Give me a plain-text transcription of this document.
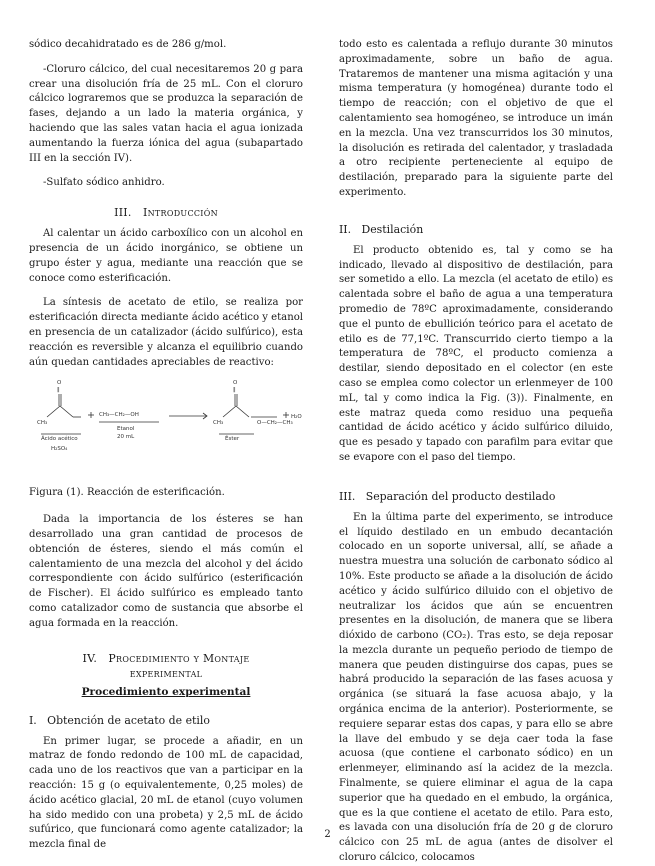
sódico decahidratado es de 286 g/mol.

-Cloruro cálcico, del cual necesitaremos 20 g para crear una disolución fría de 25 mL. Con el cloruro cálcico lograremos que se produzca la separación de fases, dejando a un lado la materia orgánica, y haciendo que las sales vatan hacia el agua ionizada aumentando la fuerza iónica del agua (subapartado III en la sección IV).

-Sulfato sódico anhidro.

III. Introducción

Al calentar un ácido carboxílico con un alcohol en presencia de un ácido inorgánico, se obtiene un grupo éster y agua, mediante una reacción que se conoce como esterificación.

La síntesis de acetato de etilo, se realiza por esterificación directa mediante ácido acético y etanol en presencia de un catalizador (ácido sulfúrico), esta reacción es reversible y alcanza el equilibrio cuando aún quedan cantidades apreciables de reactivo:

O
‖
O
‖
CH₃	CH₃
CH₃—CH₂—OH
Ácido acético
H₂SO₄
Etanol
20 mL	Éster
O—CH₂—CH₃
H₂O

Figura (1). Reacción de esterificación.

Dada la importancia de los ésteres se han desarrollado una gran cantidad de procesos de obtención de ésteres, siendo el más común el calentamiento de una mezcla del alcohol y del ácido correspondiente con ácido sulfúrico (esterificación de Fischer). El ácido sulfúrico es empleado tanto como catalizador como de sustancia que absorbe el agua formada en la reacción.

IV. Procedimiento y Montaje
experimental
Procedimiento experimental
I. Obtención de acetato de etilo

En primer lugar, se procede a añadir, en un matraz de fondo redondo de 100 mL de capacidad, cada uno de los reactivos que van a participar en la reacción: 15 g (o equivalentemente, 0,25 moles) de ácido acético glacial, 20 mL de etanol (cuyo volumen ha sido medido con una probeta) y 2,5 mL de ácido sufúrico, que funcionará como agente catalizador; la mezcla final de

todo esto es calentada a reflujo durante 30 minutos aproximadamente, sobre un baño de agua. Trataremos de mantener una misma agitación y una misma temperatura (y homogénea) durante todo el tiempo de reacción; con el objetivo de que el calentamiento sea homogéneo, se introduce un imán en la mezcla. Una vez transcurridos los 30 minutos, la disolución es retirada del calentador, y trasladada a otro recipiente perteneciente al equipo de destilación, preparado para la siguiente parte del experimento.

II. Destilación

El producto obtenido es, tal y como se ha indicado, llevado al dispositivo de destilación, para ser sometido a ello. La mezcla (el acetato de etilo) es calentada sobre el baño de agua a una temperatura promedio de 78ºC aproximadamente, considerando que el punto de ebullición teórico para el acetato de etilo es de 77,1ºC. Transcurrido cierto tiempo a la temperatura de 78ºC, el producto comienza a destilar, siendo depositado en el colector (en este caso se emplea como colector un erlenmeyer de 100 mL, tal y como indica la Fig. (3)). Finalmente, en este matraz queda como residuo una pequeña cantidad de ácido acético y ácido sulfúrico diluido, que es pesado y tapado con parafilm para evitar que se evapore con el paso del tiempo.

III. Separación del producto destilado

En la última parte del experimento, se introduce el líquido destilado en un embudo decantación colocado en un soporte universal, allí, se añade a nuestra muestra una solución de carbonato sódico al 10%. Este producto se añade a la disolución de ácido acético y ácido sulfúrico diluido con el objetivo de neutralizar los ácidos que aún se encuentren presentes en la disolución, de manera que se libera dióxido de carbono (CO₂). Tras esto, se deja reposar la mezcla durante un pequeño periodo de tiempo de manera que peuden distinguirse dos capas, pues se habrá producido la separación de las fases acuosa y orgánica (se situará la fase acuosa abajo, y la orgánica encima de la anterior). Posteriormente, se requiere separar estas dos capas, y para ello se abre la llave del embudo y se deja caer toda la fase acuosa (que contiene el carbonato sódico) en un erlenmeyer, eliminando así la acidez de la mezcla. Finalmente, se quiere eliminar el agua de la capa superior que ha quedado en el embudo, la orgánica, que es la que contiene el acetato de etilo. Para esto, es lavada con una disolución fría de 20 g de cloruro cálcico con 25 mL de agua (antes de disolver el cloruro cálcico, colocamos

2
